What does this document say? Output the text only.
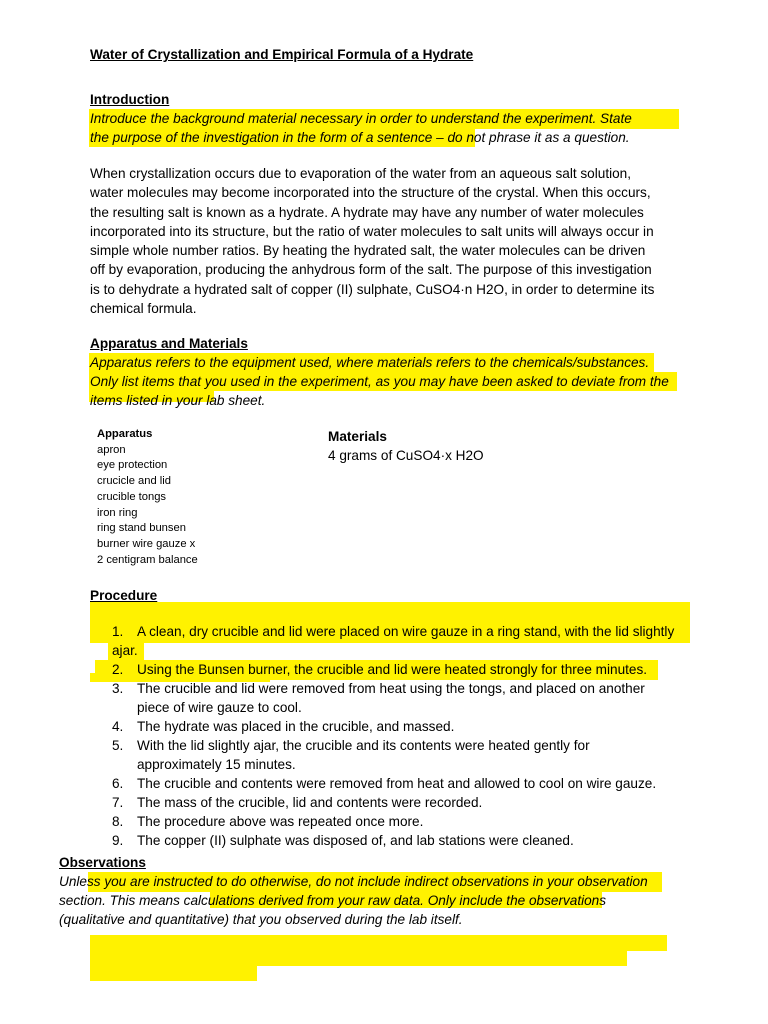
Water of Crystallization and Empirical Formula of a Hydrate
Introduction
Introduce the background material necessary in order to understand the experiment. State
the purpose of the investigation in the form of a sentence – do not phrase it as a question.
When crystallization occurs due to evaporation of the water from an aqueous salt solution,
water molecules may become incorporated into the structure of the crystal. When this occurs,
the resulting salt is known as a hydrate. A hydrate may have any number of water molecules
incorporated into its structure, but the ratio of water molecules to salt units will always occur in
simple whole number ratios. By heating the hydrated salt, the water molecules can be driven
off by evaporation, producing the anhydrous form of the salt. The purpose of this investigation
is to dehydrate a hydrated salt of copper (II) sulphate, CuSO4·n H2O, in order to determine its
chemical formula.
Apparatus and Materials
Apparatus refers to the equipment used, where materials refers to the chemicals/substances.
Only list items that you used in the experiment, as you may have been asked to deviate from the
items listed in your lab sheet.
Apparatus
apron
eye protection
crucicle and lid
crucible tongs
iron ring
ring stand bunsen
burner wire gauze x
2 centigram balance
Materials
4 grams of CuSO4·x H2O
Procedure
1. A clean, dry crucible and lid were placed on wire gauze in a ring stand, with the lid slightly
ajar.
2. Using the Bunsen burner, the crucible and lid were heated strongly for three minutes.
3. The crucible and lid were removed from heat using the tongs, and placed on another
piece of wire gauze to cool.
4. The hydrate was placed in the crucible, and massed.
5. With the lid slightly ajar, the crucible and its contents were heated gently for
approximately 15 minutes.
6. The crucible and contents were removed from heat and allowed to cool on wire gauze.
7. The mass of the crucible, lid and contents were recorded.
8. The procedure above was repeated once more.
9. The copper (II) sulphate was disposed of, and lab stations were cleaned.
Observations
Unless you are instructed to do otherwise, do not include indirect observations in your observation
section. This means calculations derived from your raw data. Only include the observations
(qualitative and quantitative) that you observed during the lab itself.
